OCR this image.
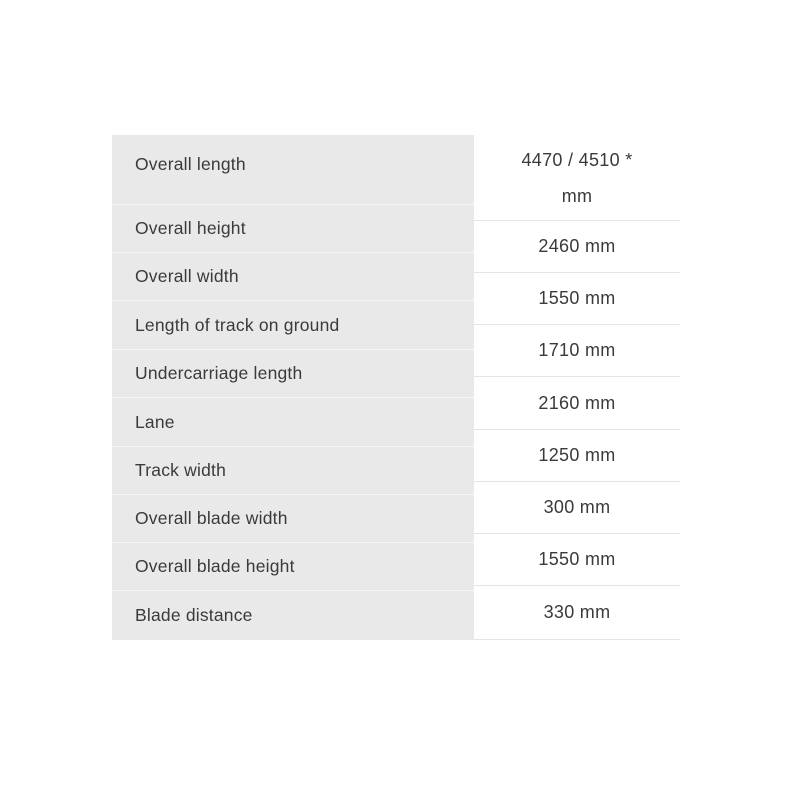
Overall length
Overall height
Overall width
Length of track on ground
Undercarriage length
Lane
Track width
Overall blade width
Overall blade height
Blade distance
4470 / 4510 *
mm
2460 mm
1550 mm
1710 mm
2160 mm
1250 mm
300 mm
1550 mm
330 mm
